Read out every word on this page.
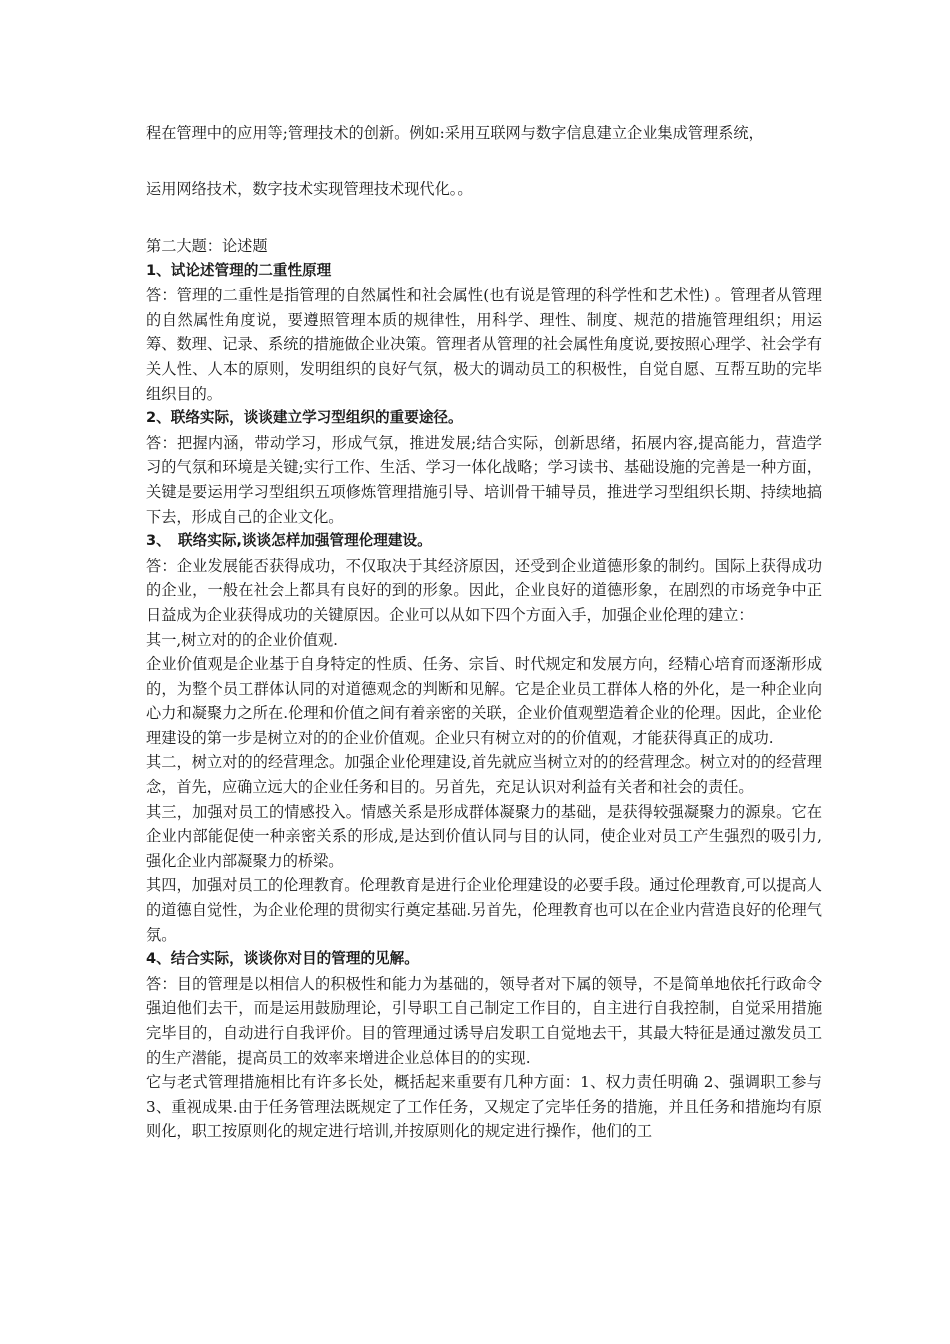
程在管理中的应用等;管理技术的创新。例如:采用互联网与数字信息建立企业集成管理系统，

运用网络技术，数字技术实现管理技术现代化。。

第二大题：论述题

1、试论述管理的二重性原理

答：管理的二重性是指管理的自然属性和社会属性(也有说是管理的科学性和艺术性) 。管理者从管理的自然属性角度说，要遵照管理本质的规律性，用科学、理性、制度、规范的措施管理组织；用运筹、数理、记录、系统的措施做企业决策。管理者从管理的社会属性角度说,要按照心理学、社会学有关人性、人本的原则，发明组织的良好气氛，极大的调动员工的积极性，自觉自愿、互帮互助的完毕组织目的。

2、联络实际，谈谈建立学习型组织的重要途径。

答：把握内涵，带动学习，形成气氛，推进发展;结合实际，创新思绪，拓展内容,提高能力，营造学习的气氛和环境是关键;实行工作、生活、学习一体化战略；学习读书、基础设施的完善是一种方面，关键是要运用学习型组织五项修炼管理措施引导、培训骨干辅导员，推进学习型组织长期、持续地搞下去，形成自己的企业文化。

3、　联络实际,谈谈怎样加强管理伦理建设。

答：企业发展能否获得成功，不仅取决于其经济原因，还受到企业道德形象的制约。国际上获得成功的企业，一般在社会上都具有良好的到的形象。因此，企业良好的道德形象，在剧烈的市场竞争中正日益成为企业获得成功的关键原因。企业可以从如下四个方面入手，加强企业伦理的建立：

其一,树立对的的企业价值观.

企业价值观是企业基于自身特定的性质、任务、宗旨、时代规定和发展方向，经精心培育而逐渐形成的，为整个员工群体认同的对道德观念的判断和见解。它是企业员工群体人格的外化，是一种企业向心力和凝聚力之所在.伦理和价值之间有着亲密的关联，企业价值观塑造着企业的伦理。因此，企业伦理建设的第一步是树立对的的企业价值观。企业只有树立对的的价值观，才能获得真正的成功.

其二，树立对的的经营理念。加强企业伦理建设,首先就应当树立对的的经营理念。树立对的的经营理念，首先，应确立远大的企业任务和目的。另首先，充足认识对利益有关者和社会的责任。

其三，加强对员工的情感投入。情感关系是形成群体凝聚力的基础，是获得较强凝聚力的源泉。它在企业内部能促使一种亲密关系的形成,是达到价值认同与目的认同，使企业对员工产生强烈的吸引力,强化企业内部凝聚力的桥梁。

其四，加强对员工的伦理教育。伦理教育是进行企业伦理建设的必要手段。通过伦理教育,可以提高人的道德自觉性，为企业伦理的贯彻实行奠定基础.另首先，伦理教育也可以在企业内营造良好的伦理气氛。

4、结合实际，谈谈你对目的管理的见解。

答：目的管理是以相信人的积极性和能力为基础的，领导者对下属的领导，不是简单地依托行政命令强迫他们去干，而是运用鼓励理论，引导职工自己制定工作目的，自主进行自我控制，自觉采用措施完毕目的，自动进行自我评价。目的管理通过诱导启发职工自觉地去干，其最大特征是通过激发员工的生产潜能，提高员工的效率来增进企业总体目的的实现.

它与老式管理措施相比有许多长处，概括起来重要有几种方面：1、权力责任明确 2、强调职工参与 3、重视成果.由于任务管理法既规定了工作任务，又规定了完毕任务的措施，并且任务和措施均有原则化，职工按原则化的规定进行培训,并按原则化的规定进行操作，他们的工
